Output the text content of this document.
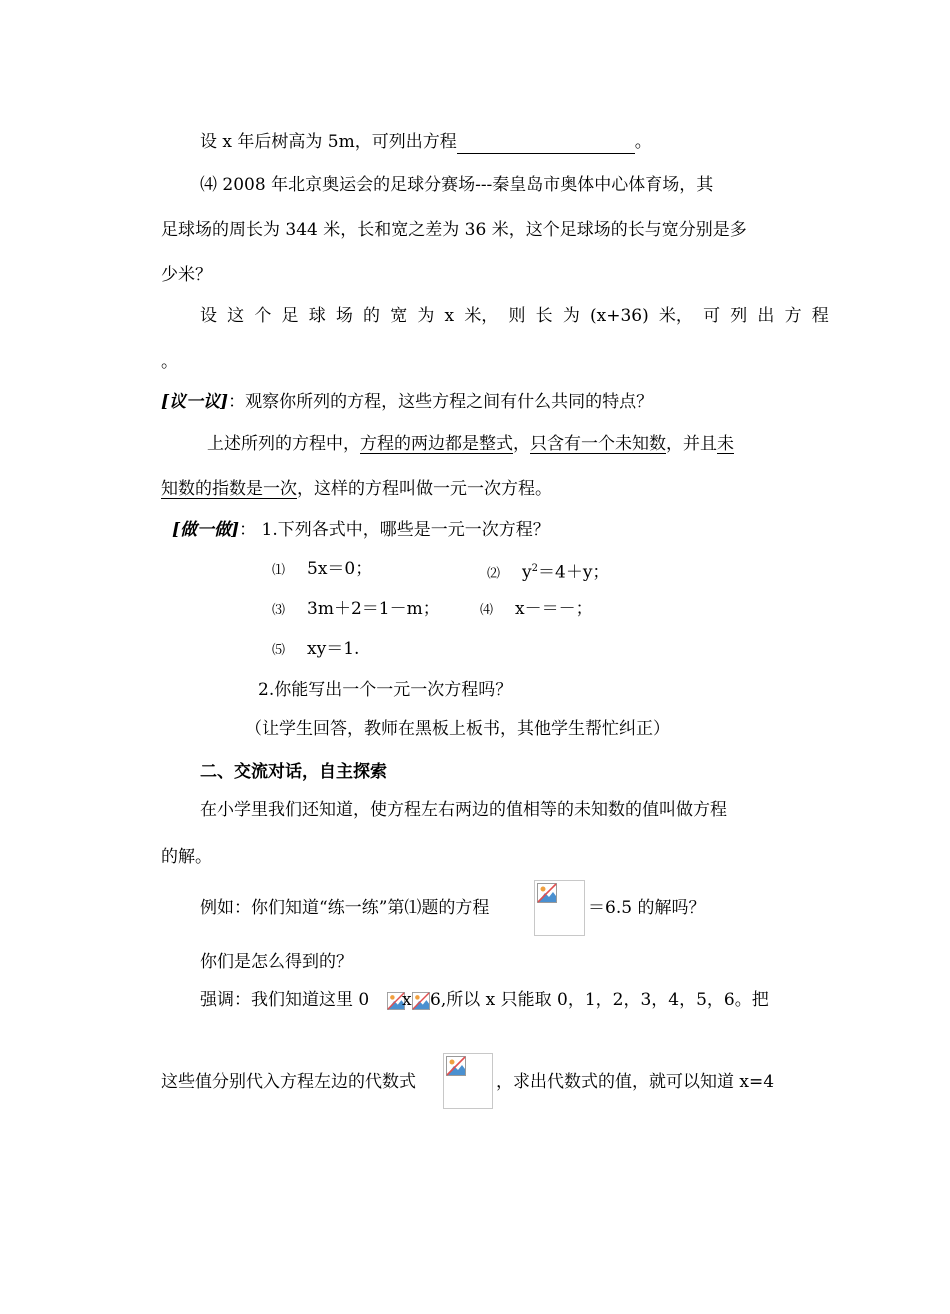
设 x 年后树高为 5m，可列出方程	。
⑷ 2008 年北京奥运会的足球分赛场---秦皇岛市奥体中心体育场，其
足球场的周长为 344 米，长和宽之差为 36 米，这个足球场的长与宽分别是多
少米？
设 这 个 足 球 场 的 宽 为 x 米， 则 长 为 (x+36) 米， 可 列 出 方 程
。
[议一议]：观察你所列的方程，这些方程之间有什么共同的特点？
上述所列的方程中，方程的两边都是整式，只含有一个未知数，并且未
知数的指数是一次，这样的方程叫做一元一次方程。
[做一做]： 1.下列各式中，哪些是一元一次方程？
⑴ 5x＝0；	⑵ $y^2=4+y$；
⑶ 3m＋2＝1－m；	⑷ x－＝－；
⑸ xy＝1.
2.你能写出一个一元一次方程吗？
（让学生回答，教师在黑板上板书，其他学生帮忙纠正）
二、交流对话，自主探索
在小学里我们还知道，使方程左右两边的值相等的未知数的值叫做方程
的解。
例如：你们知道“练一练”第⑴题的方程	＝6.5 的解吗？
你们是怎么得到的？
强调：我们知道这里 0 x 6,所以 x 只能取 0，1，2，3，4，5，6。把
这些值分别代入方程左边的代数式	，求出代数式的值，就可以知道 x=4
